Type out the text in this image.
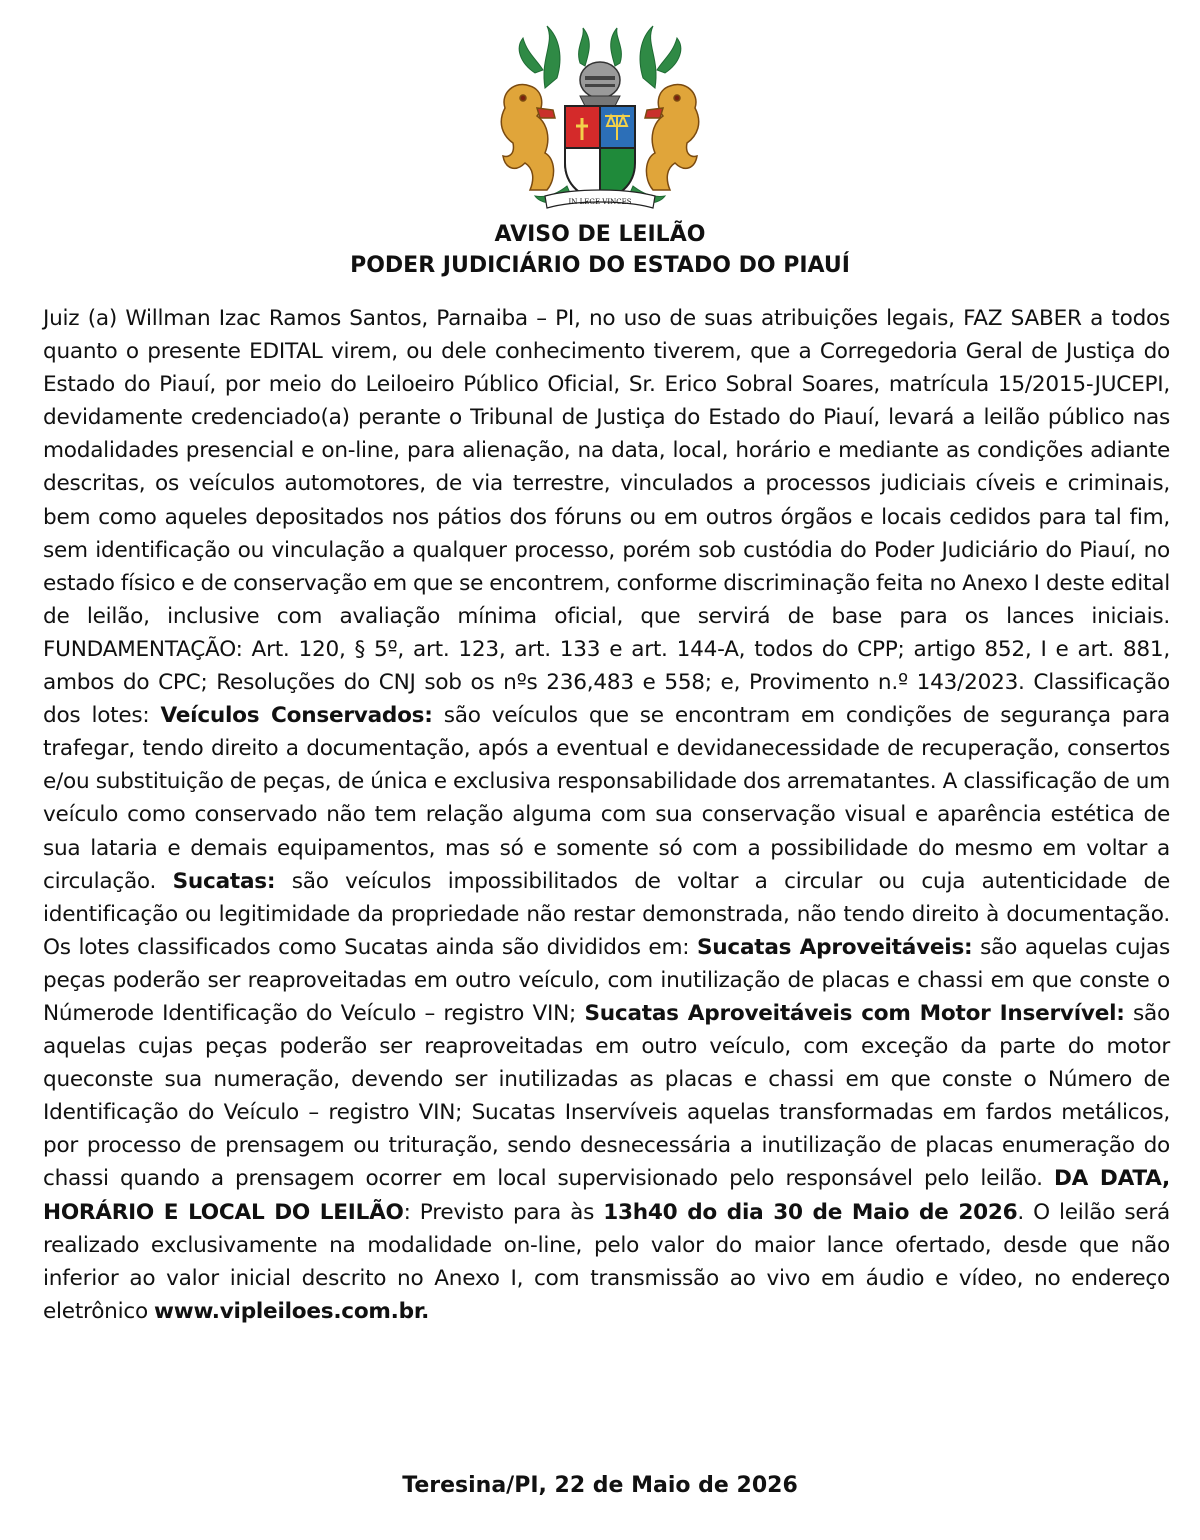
IN LEGE VINCES
AVISO DE LEILÃO
PODER JUDICIÁRIO DO ESTADO DO PIAUÍ
Juiz (a) Willman Izac Ramos Santos, Parnaiba – PI, no uso de suas atribuições legais, FAZ SABER a todos quanto o presente EDITAL virem, ou dele conhecimento tiverem, que a Corregedoria Geral de Justiça do Estado do Piauí, por meio do Leiloeiro Público Oficial, Sr. Erico Sobral Soares, matrícula 15/2015-JUCEPI, devidamente credenciado(a) perante o Tribunal de Justiça do Estado do Piauí, levará a leilão público nas modalidades presencial e on-line, para alienação, na data, local, horário e mediante as condições adiante descritas, os veículos automotores, de via terrestre, vinculados a processos judiciais cíveis e criminais, bem como aqueles depositados nos pátios dos fóruns ou em outros órgãos e locais cedidos para tal fim, sem identificação ou vinculação a qualquer processo, porém sob custódia do Poder Judiciário do Piauí, no estado físico e de conservação em que se encontrem, conforme discriminação feita no Anexo I deste edital de leilão, inclusive com avaliação mínima oficial, que servirá de base para os lances iniciais. FUNDAMENTAÇÃO: Art. 120, § 5º, art. 123, art. 133 e art. 144-A, todos do CPP; artigo 852, I e art. 881, ambos do CPC; Resoluções do CNJ sob os nºs 236,483 e 558; e, Provimento n.º 143/2023. Classificação dos lotes: Veículos Conservados: são veículos que se encontram em condições de segurança para trafegar, tendo direito a documentação, após a eventual e devidanecessidade de recuperação, consertos e/ou substituição de peças, de única e exclusiva responsabilidade dos arrematantes. A classificação de um veículo como conservado não tem relação alguma com sua conservação visual e aparência estética de sua lataria e demais equipamentos, mas só e somente só com a possibilidade do mesmo em voltar a circulação. Sucatas: são veículos impossibilitados de voltar a circular ou cuja autenticidade de identificação ou legitimidade da propriedade não restar demonstrada, não tendo direito à documentação. Os lotes classificados como Sucatas ainda são divididos em: Sucatas Aproveitáveis: são aquelas cujas peças poderão ser reaproveitadas em outro veículo, com inutilização de placas e chassi em que conste o Númerode Identificação do Veículo – registro VIN; Sucatas Aproveitáveis com Motor Inservível: são aquelas cujas peças poderão ser reaproveitadas em outro veículo, com exceção da parte do motor queconste sua numeração, devendo ser inutilizadas as placas e chassi em que conste o Número de Identificação do Veículo – registro VIN; Sucatas Inservíveis aquelas transformadas em fardos metálicos, por processo de prensagem ou trituração, sendo desnecessária a inutilização de placas enumeração do chassi quando a prensagem ocorrer em local supervisionado pelo responsável pelo leilão. DA DATA, HORÁRIO E LOCAL DO LEILÃO: Previsto para às 13h40 do dia 30 de Maio de 2026. O leilão será realizado exclusivamente na modalidade on-line, pelo valor do maior lance ofertado, desde que não inferior ao valor inicial descrito no Anexo I, com transmissão ao vivo em áudio e vídeo, no endereço eletrônico www.vipleiloes.com.br.
Teresina/PI, 22 de Maio de 2026
